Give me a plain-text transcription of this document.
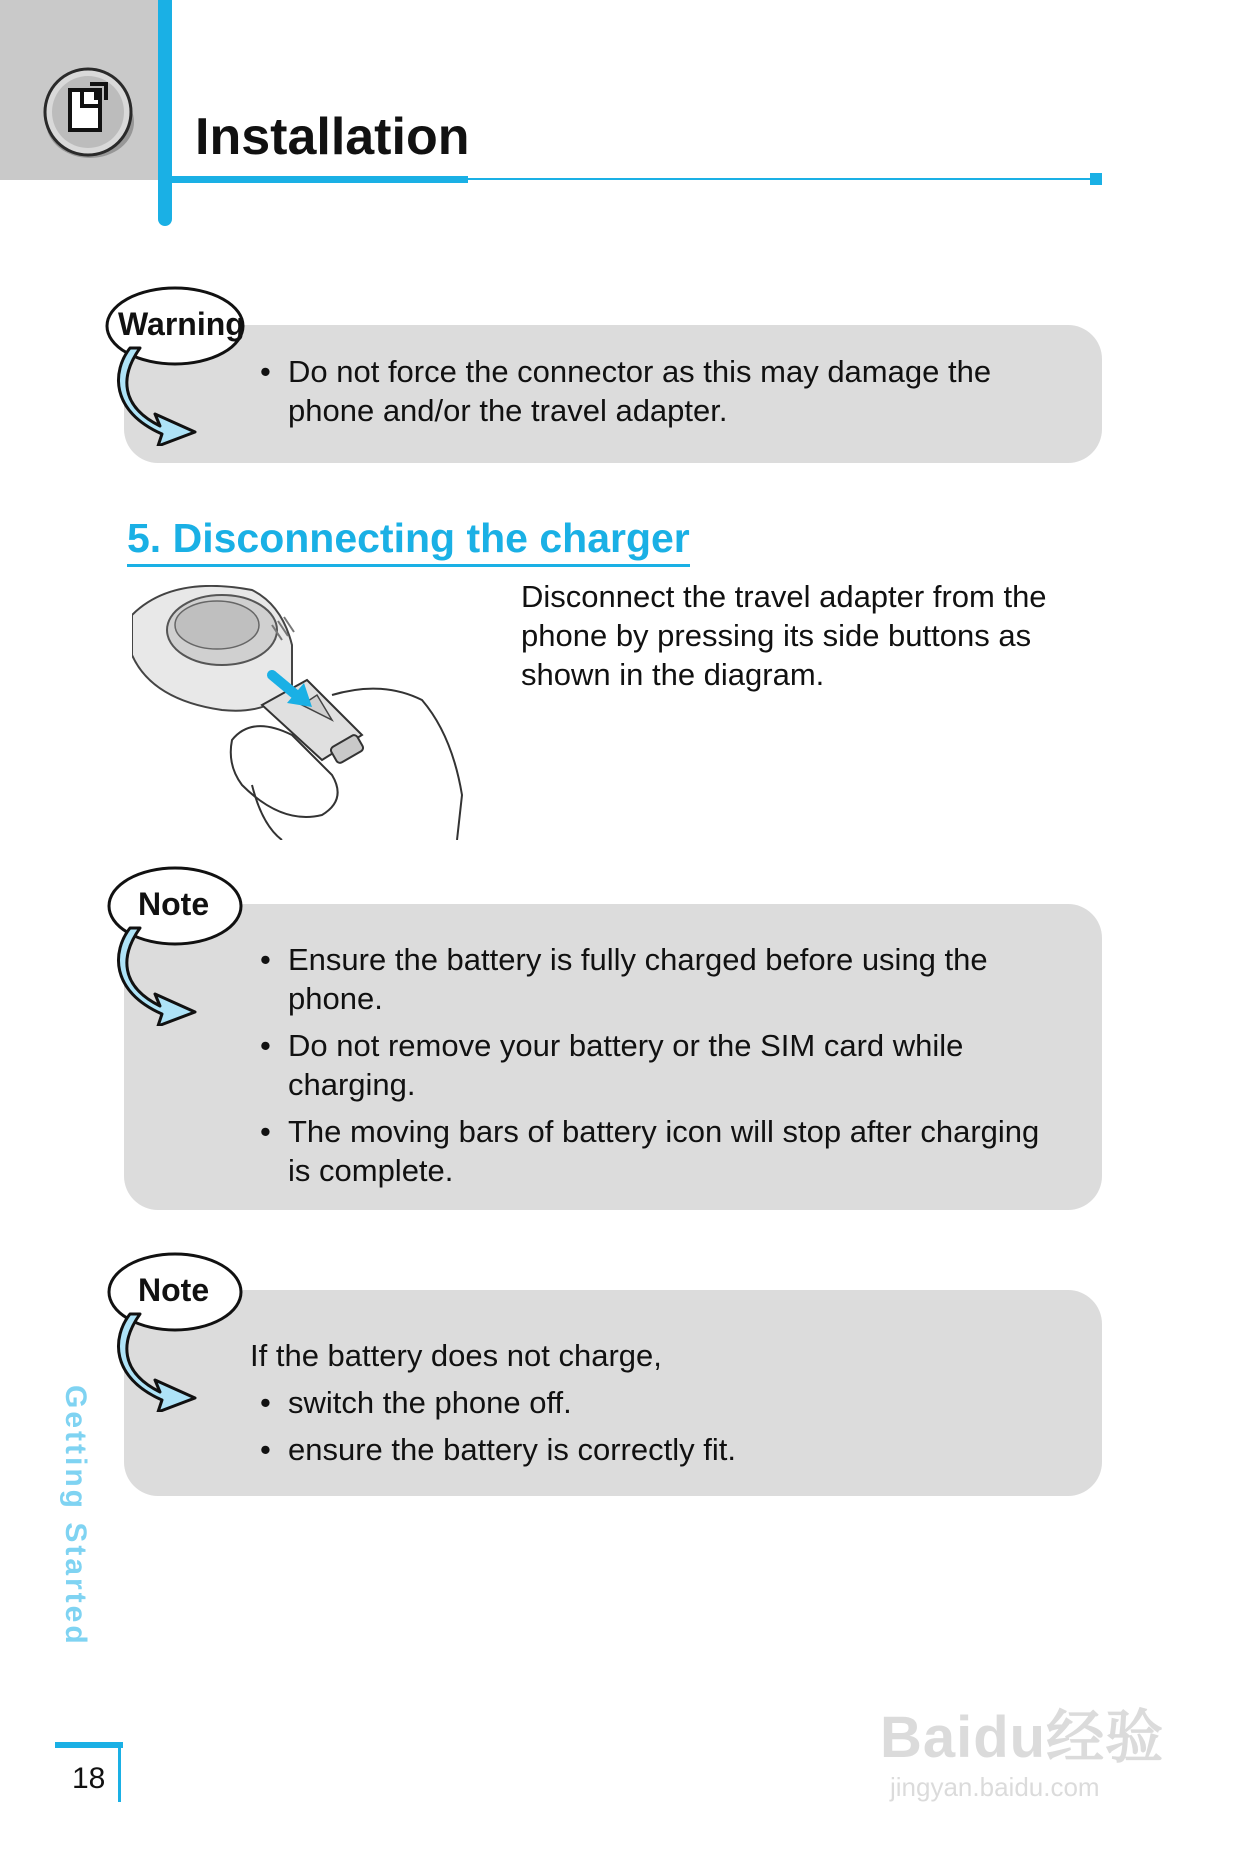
Installation
Warning
• Do not force the connector as this may damage the phone and/or the travel adapter.
5. Disconnecting the charger
Disconnect the travel adapter from the phone by pressing its side buttons as shown in the diagram.
Note
• Ensure the battery is fully charged before using the phone.
• Do not remove your battery or the SIM card while charging.
• The moving bars of battery icon will stop after charging is complete.
Note
If the battery does not charge,
• switch the phone off.
• ensure the battery is correctly fit.
Getting Started
18
Baidu经验
jingyan.baidu.com
